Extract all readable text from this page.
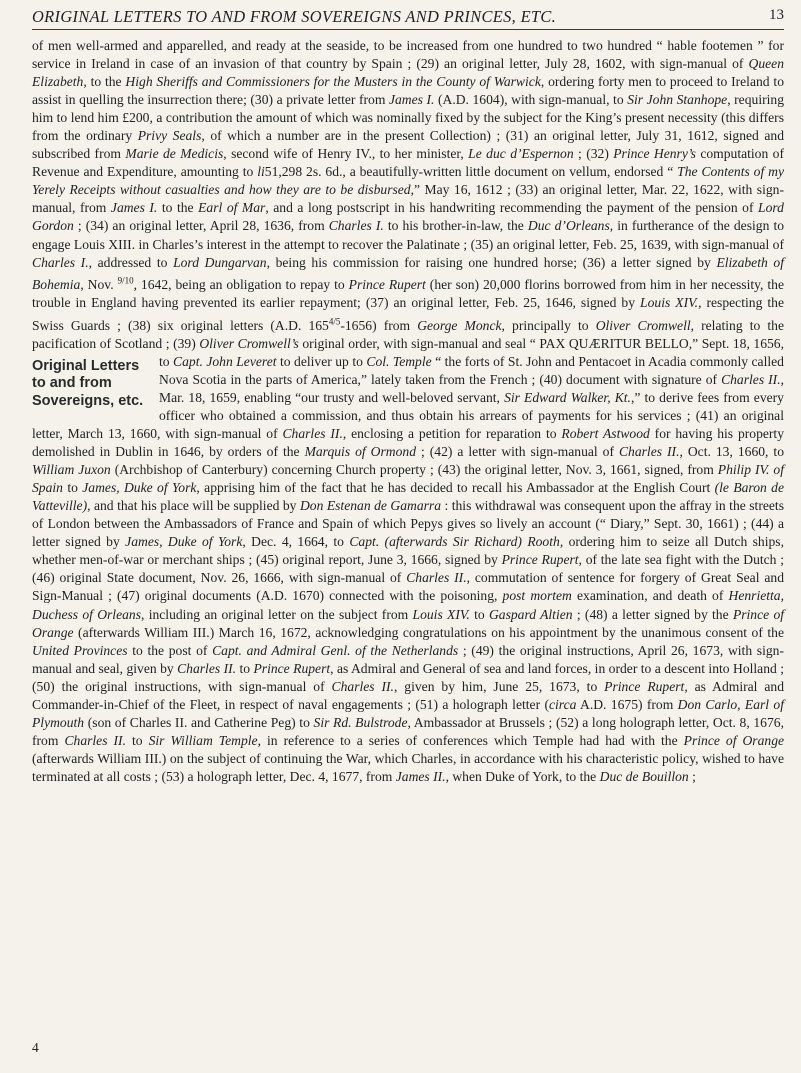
ORIGINAL LETTERS TO AND FROM SOVEREIGNS AND PRINCES, ETC.	13

of men well-armed and apparelled, and ready at the seaside, to be increased from one hundred to two hundred “ hable footemen ” for service in Ireland in case of an invasion of that country by Spain ; (29) an original letter, July 28, 1602, with sign-manual of Queen Elizabeth, to the High Sheriffs and Commissioners for the Musters in the County of Warwick, ordering forty men to proceed to Ireland to assist in quelling the insurrection there; (30) a private letter from James I. (A.D. 1604), with sign-manual, to Sir John Stanhope, requiring him to lend him £200, a contribution the amount of which was nominally fixed by the subject for the King’s present necessity (this differs from the ordinary Privy Seals, of which a number are in the present Collection) ; (31) an original letter, July 31, 1612, signed and subscribed from Marie de Medicis, second wife of Henry IV., to her minister, Le duc d’Espernon ; (32) Prince Henry’s computation of Revenue and Expenditure, amounting to li51,298 2s. 6d., a beautifully-written little document on vellum, endorsed “ The Contents of my Yerely Receipts without casualties and how they are to be disbursed,” May 16, 1612 ; (33) an original letter, Mar. 22, 1622, with sign-manual, from James I. to the Earl of Mar, and a long postscript in his handwriting recommending the payment of the pension of Lord Gordon ; (34) an original letter, April 28, 1636, from Charles I. to his brother-in-law, the Duc d’Orleans, in furtherance of the design to engage Louis XIII. in Charles’s interest in the attempt to recover the Palatinate ; (35) an original letter, Feb. 25, 1639, with sign-manual of Charles I., addressed to Lord Dungarvan, being his commission for raising one hundred horse; (36) a letter signed by Elizabeth of Bohemia, Nov. $^{9/10}$, 1642, being an obligation to repay to Prince Rupert (her son) 20,000 florins borrowed from him in her necessity, the trouble in England having prevented its earlier repayment; (37) an original letter, Feb. 25, 1646, signed by Louis XIV., respecting the Swiss Guards ; (38) six original letters (A.D. $165^{4/5}-1656$) from George Monck, principally to Oliver Cromwell, relating to the pacification of Scotland ; (39) Oliver Cromwell’s original order, with sign-manual and seal “ PAX QUÆRITUR BELLO,” Sept. 18, 1656, to Capt. John Leveret to
Original Letters to and from Sovereigns, etc.
deliver up to Col. Temple “ the forts of St. John and Pentacoet in Acadia commonly called Nova Scotia in the parts of America,” lately taken from the French ; (40) document with signature of Charles II., Mar. 18, 1659, enabling “our trusty and well-beloved servant, Sir Edward Walker, Kt.,” to derive fees from every officer who obtained a commission, and thus obtain his arrears of payments for his services ; (41) an original letter, March 13, 1660, with sign-manual of Charles II., enclosing a petition for reparation to Robert Astwood for having his property demolished in Dublin in 1646, by orders of the Marquis of Ormond ; (42) a letter with sign-manual of Charles II., Oct. 13, 1660, to William Juxon (Archbishop of Canterbury) concerning Church property ; (43) the original letter, Nov. 3, 1661, signed, from Philip IV. of Spain to James, Duke of York, apprising him of the fact that he has decided to recall his Ambassador at the English Court (le Baron de Vatteville), and that his place will be supplied by Don Estenan de Gamarra : this withdrawal was consequent upon the affray in the streets of London between the Ambassadors of France and Spain of which Pepys gives so lively an account (“ Diary,” Sept. 30, 1661) ; (44) a letter signed by James, Duke of York, Dec. 4, 1664, to Capt. (afterwards Sir Richard) Rooth, ordering him to seize all Dutch ships, whether men-of-war or merchant ships ; (45) original report, June 3, 1666, signed by Prince Rupert, of the late sea fight with the Dutch ; (46) original State document, Nov. 26, 1666, with sign-manual of Charles II., commutation of sentence for forgery of Great Seal and Sign-Manual ; (47) original documents (A.D. 1670) connected with the poisoning, post mortem examination, and death of Henrietta, Duchess of Orleans, including an original letter on the subject from Louis XIV. to Gaspard Altien ; (48) a letter signed by the Prince of Orange (afterwards William III.) March 16, 1672, acknowledging congratulations on his appointment by the unanimous consent of the United Provinces to the post of Capt. and Admiral Genl. of the Netherlands ; (49) the original instructions, April 26, 1673, with sign-manual and seal, given by Charles II. to Prince Rupert, as Admiral and General of sea and land forces, in order to a descent into Holland ; (50) the original instructions, with sign-manual of Charles II., given by him, June 25, 1673, to Prince Rupert, as Admiral and Commander-in-Chief of the Fleet, in respect of naval engagements ; (51) a holograph letter (circa A.D. 1675) from Don Carlo, Earl of Plymouth (son of Charles II. and Catherine Peg) to Sir Rd. Bulstrode, Ambassador at Brussels ; (52) a long holograph letter, Oct. 8, 1676, from Charles II. to Sir William Temple, in reference to a series of conferences which Temple had had with the Prince of Orange (afterwards William III.) on the subject of continuing the War, which Charles, in accordance with his characteristic policy, wished to have terminated at all costs ; (53) a holograph letter, Dec. 4, 1677, from James II., when Duke of York, to the Duc de Bouillon ;

4
